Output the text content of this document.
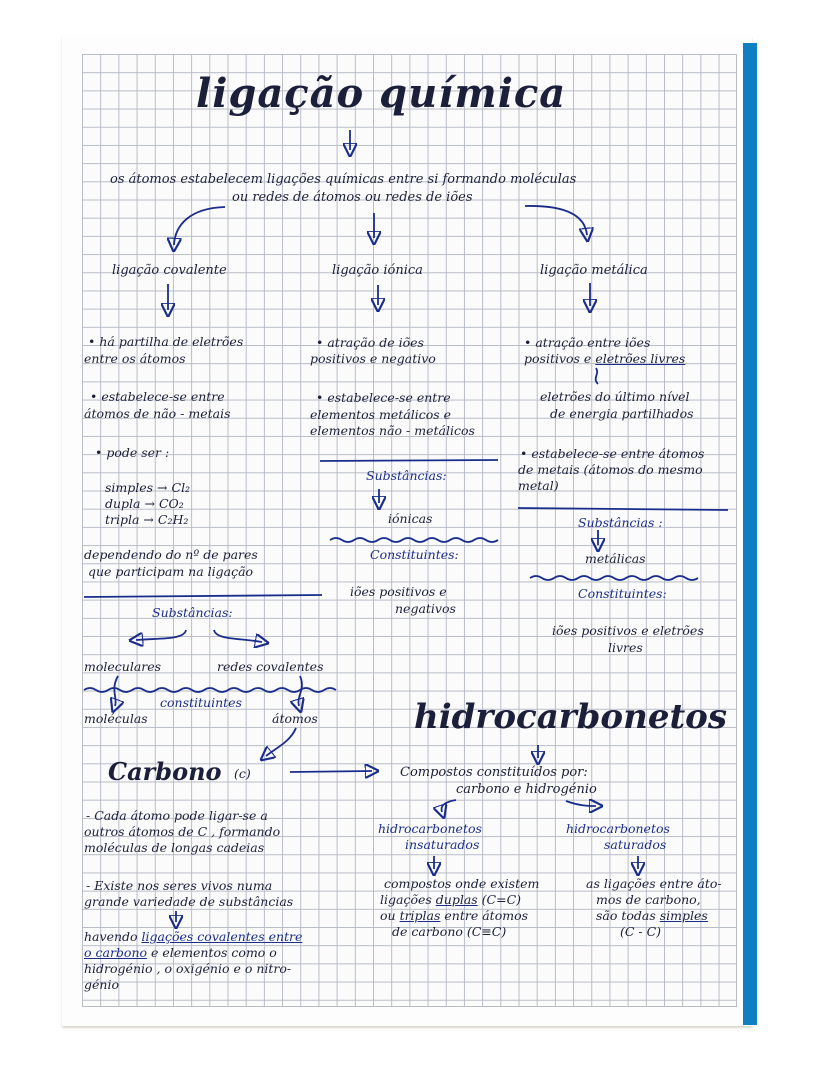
ligação química
os átomos estabelecem ligações químicas entre si formando moléculas
ou redes de átomos ou redes de iões
ligação covalente
• há partilha de eletrões
entre os átomos
• estabelece-se entre
átomos de não - metais
• pode ser :
simples → Cl₂
dupla → CO₂
tripla → C₂H₂
dependendo do nº de pares
que participam na ligação
Substâncias:
moleculares	redes covalentes
constituintes
moléculas	átomos
ligação iónica
• atração de iões
positivos e negativo
• estabelece-se entre
elementos metálicos e
elementos não - metálicos
Substâncias:
iónicas
Constituintes:
iões positivos e
negativos
ligação metálica
• atração entre iões
positivos e eletrões livres
eletrões do último nível
de energia partilhados
• estabelece-se entre átomos
de metais (átomos do mesmo
metal)
Substâncias :
metálicas
Constituintes:
iões positivos e eletrões
livres
Carbono (c)
- Cada átomo pode ligar-se a
outros átomos de C , formando
moléculas de longas cadeias
- Existe nos seres vivos numa
grande variedade de substâncias
havendo ligações covalentes entre
o carbono e elementos como o
hidrogénio , o oxigénio e o nitro-
génio
hidrocarbonetos
Compostos constituídos por:
carbono e hidrogénio
hidrocarbonetos
insaturados
compostos onde existem
ligações duplas (C=C)
ou triplas entre átomos
de carbono (C≡C)
hidrocarbonetos
saturados
as ligações entre áto-
mos de carbono,
são todas simples
(C - C)
